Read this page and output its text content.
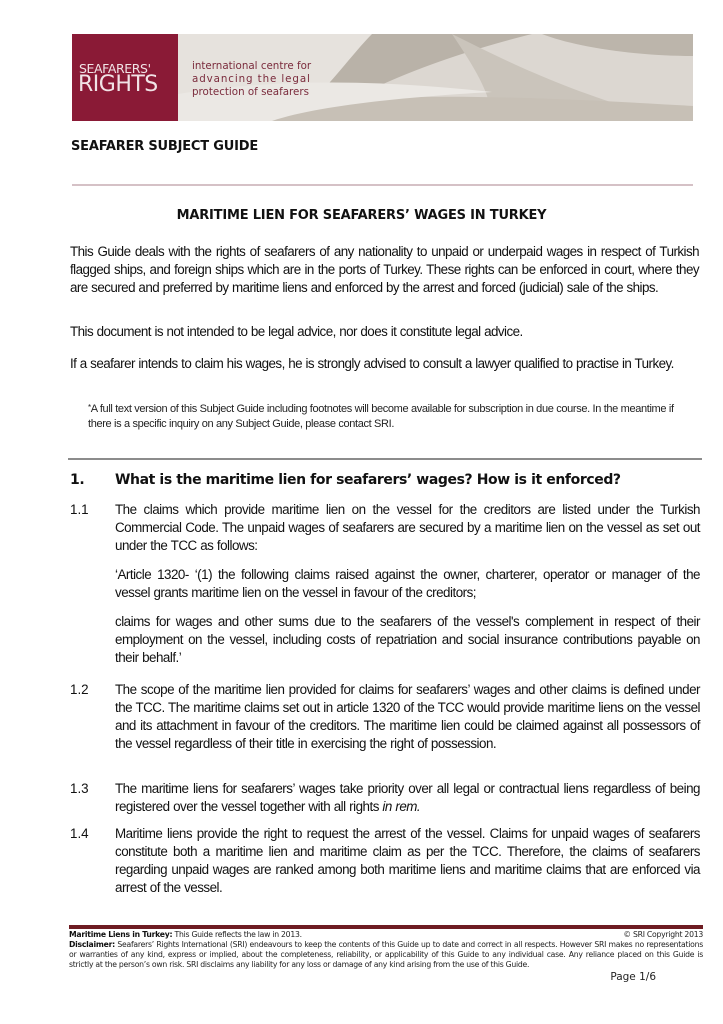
SEAFARERS'
RIGHTS
international centre for
advancing the legal
protection of seafarers
SEAFARER SUBJECT GUIDE
MARITIME LIEN FOR SEAFARERS’ WAGES IN TURKEY
This Guide deals with the rights of seafarers of any nationality to unpaid or underpaid wages in respect of Turkish flagged ships, and foreign ships which are in the ports of Turkey. These rights can be enforced in court, where they are secured and preferred by maritime liens and enforced by the arrest and forced (judicial) sale of the ships.
This document is not intended to be legal advice, nor does it constitute legal advice.
If a seafarer intends to claim his wages, he is strongly advised to consult a lawyer qualified to practise in Turkey.
*A full text version of this Subject Guide including footnotes will become available for subscription in due course. In the meantime if there is a specific inquiry on any Subject Guide, please contact SRI.
1. What is the maritime lien for seafarers’ wages? How is it enforced?
1.1 The claims which provide maritime lien on the vessel for the creditors are listed under the Turkish Commercial Code. The unpaid wages of seafarers are secured by a maritime lien on the vessel as set out under the TCC as follows:

‘Article 1320- ‘(1) the following claims raised against the owner, charterer, operator or manager of the vessel grants maritime lien on the vessel in favour of the creditors;

claims for wages and other sums due to the seafarers of the vessel's complement in respect of their employment on the vessel, including costs of repatriation and social insurance contributions payable on their behalf.’

1.2 The scope of the maritime lien provided for claims for seafarers’ wages and other claims is defined under the TCC. The maritime claims set out in article 1320 of the TCC would provide maritime liens on the vessel and its attachment in favour of the creditors. The maritime lien could be claimed against all possessors of the vessel regardless of their title in exercising the right of possession.

1.3 The maritime liens for seafarers’ wages take priority over all legal or contractual liens regardless of being registered over the vessel together with all rights in rem.

1.4 Maritime liens provide the right to request the arrest of the vessel. Claims for unpaid wages of seafarers constitute both a maritime lien and maritime claim as per the TCC. Therefore, the claims of seafarers regarding unpaid wages are ranked among both maritime liens and maritime claims that are enforced via arrest of the vessel.

Maritime Liens in Turkey: This Guide reflects the law in 2013.	© SRI Copyright 2013
Disclaimer: Seafarers’ Rights International (SRI) endeavours to keep the contents of this Guide up to date and correct in all respects. However SRI makes no representations or warranties of any kind, express or implied, about the completeness, reliability, or applicability of this Guide to any individual case. Any reliance placed on this Guide is strictly at the person’s own risk. SRI disclaims any liability for any loss or damage of any kind arising from the use of this Guide.
Page 1/6
